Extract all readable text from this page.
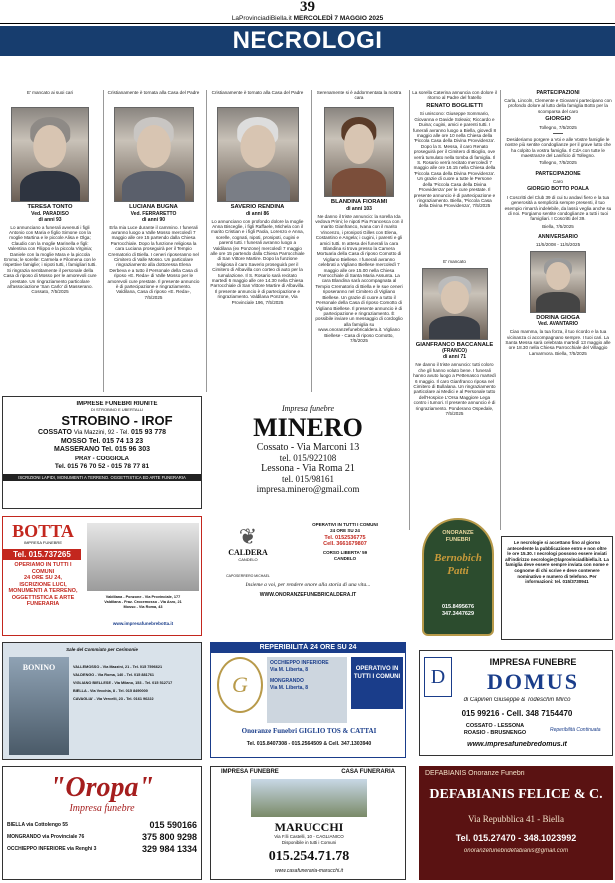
39
LaProvinciadiBiella.it MERCOLEDÌ 7 MAGGIO 2025
NECROLOGI
E' mancato ai suoi cari
TERESA TONTO
Ved. PARADISO
di anni 93
Lo annunciano a funerali avvenuti i figli Antonio con Maria e figlio Simone con la moglie Martina e le piccole Alisa e Olga; Claudio con la moglie Marinella e figli: Valentina con Filippo e la piccola Virginia; Daniele con la moglie Mara e la piccola Emma; le sorelle: Carmela e Filomena con le rispettive famiglie; i nipoti tutti, i famigliari tutti. Si ringrazia sentitamente il personale della Casa di riposo di Mosso per le amorevoli cure prestate. Un ringraziamento particolare all'associazione 'San Carlo' di Masserano. Cossato, 7/5/2025
Cristianamente è tornata alla Casa del Padre
LUCIANA BUGNA
Ved. FERRARETTO
di anni 90
Erla mia Luce durante il cammino. I funerali avranno luogo a Valle Mosso mercoledì 7 maggio alle ore 15 partendo dalla Chiesa Parrocchiale. Dopo la funzione religiosa la cara Luciana proseguirà per il Tempio Crematorio di Biella. I ceneri riposeranno nel Cimitero di Valle Mosso. Un particolare ringraziamento alla dottoressa Elena Derbeva e a tutto il Personale della Casa di riposo «E. Reda» di Valle Mosso per le amorevoli cure prestate. Il presente annuncio è di partecipazione e ringraziamento. Valdilana, Casa di riposo «E. Reda», 7/5/2025
Cristianamente è tornato alla Casa del Padre
SAVERIO RENDINA
di anni 86
Lo annunciano con profondo dolore la moglie Anna Bisceglie, i figli Raffaele, Michela con il marito Cristian e i figli Paola, Lorenzo e Anna, sorelle, cognati, nipoti, pronipoti, cugini e parenti tutti. I funerali avranno luogo a Valdilana (ex Ponzone) mercoledì 7 maggio alle ore 15 partendo dalla Chiesa Parrocchiale di San Vittore Martire. Dopo la funzione religiosa il caro Saverio proseguirà per il Cimitero di Albavilla con corteo di auto per la tumulazione. Il S. Rosario sarà recitato martedì 6 maggio alle ore 14.30 nella Chiesa Parrocchiale di San Vittore Martire di Albavilla. Il presente annuncio è di partecipazione e ringraziamento. Valdilana Ponzone, Via Provinciale 196, 7/5/2025
Serenamente si è addormentata la nostra cara
BLANDINA FIORAMI
di anni 103
Ne danno il triste annuncio: la sorella Ida vedova Primi; le nipoti Pia Francesca con il marito Gianfranco, Ivana con il marito Vincenzo, i pronipoti Gilles con Elena, Costantino e Angela; i cugini, i parenti e gli amici tutti. In attesa dei funerali la cara Blandina si trova presso la Camera Mortuaria della Casa di riposo Comotto di Vigliano Biellese. I funerali avranno celebrati a Vigliano Biellese mercoledì 7 maggio alle ore 15.00 nella Chiesa Parrocchiale di Santa Maria Assunta. La cara Blandina sarà accompagnata al Tempio Crematorio di Biella e le sue ceneri riposeranno nel Cimitero di Vigliano Biellese. Un grazie di cuore a tutto il Personale della Casa di riposo Comotto di Vigliano Biellese. Il presente annuncio è di partecipazione e ringraziamento. È possibile inviare un messaggio di cordoglio alla famiglia su www.onoranzefunebricaldera.it. Vigliano Biellese - Casa di riposo Comotto, 7/5/2025
La sorella Caterina annuncia con dolore il ritorno al Padre del fratello
RENATO BOGLIETTI
Si uniscono: Giuseppe Sommario, Giovanna e Davide Soleaio; Riccardo e Duina; cugini, amici e parenti tutti. I funerali avranno luogo a Biella, giovedì 8 maggio alle ore 10 nella Chiesa della 'Piccola Casa della Divina Provvidenza'. Dopo la S. Messa, il caro Renato proseguirà per il Cimitero di Bioglio, ove verrà tumulato nella tomba di famiglia. Il S. Rosario verrà recitato mercoledì 7 maggio alle ore 16.15 nella Chiesa della 'Piccola Casa della Divina Provvidenza'. Un grazie di cuore a tutte le Persone della 'Piccola Casa della Divina Provvidenza' per le cure prestate. Il presente annuncio è di partecipazione e ringraziamento. Biella, 'Piccola Casa della Divina Provvidenza', 7/5/2025
E' mancato
GIANFRANCO BACCANALE
(FRANCO)
di anni 71
Ne danno il triste annuncio: tutti coloro che gli hanno voluto bene. I funerali hanno avuto luogo a Pettenasco martedì 6 maggio. Il caro Gianfranco riposa nel Cimitero di Bullalana. Un ringraziamento particolare ai Medici e al Personale tutto dell'Hospice L'Orsa Maggiore Lega contro i tumori. Il presente annuncio è di ringraziamento. Ponderano Ospedale, 7/5/2025
PARTECIPAZIONI
Carla, Lincoln, Clemente e Giovanni partecipano con profondo dolore al lutto della famiglia Botto per la scomparsa del caro
GIORGIO
Tollegno, 7/5/2025
Desideriamo porgere a Voi e alle Vostre famiglie le nostre più sentite condoglianze per il grave lutto che ha colpito la vostra famiglia. Il CdA con tutte le maestranze del Lanificio di Tollegno.
Tollegno, 7/5/2025
PARTECIPAZIONE
Caro
GIORGIO BOTTO POALA
I Coscritti del Club 39 di cui tu andavi fiero e la tua generosità a semplicità sempre presenti, il tuo esempio rimarrà indelebile, da lassù veglia anche su di noi. Porgiamo sentite condoglianze a tutti i tuoi famigliari. I Coscritti del 39.
Biella, 7/5/2025
ANNIVERSARIO
11/5/2008 - 11/5/2025
DORINA GIOGA
Ved. AVANTARIO
Ciao mamma, la tua forza, il tuo ricordo e la tua vicinanza ci accompagnano sempre. I tuoi cari. La Santa Messa sarà celebrata martedì 13 maggio alle ore 18.30 nella Chiesa Parrocchiale del Villaggio Lamarmora. Biella, 7/5/2025
IMPRESE FUNEBRI RIUNITE
DI STROBINO E UBERTALLI
STROBINO - IROF
COSSATO Via Mazzini, 92 - Tel. 015 93 778
MOSSO Tel. 015 74 13 23
MASSERANO Tel. 015 96 303
PRAY - COGGIOLA
Tel. 015 76 70 52 - 015 78 77 81
ISCRIZIONI LAPIDI, MONUMENTI A TERRENO. OGGETTISTICA ED ARTE FUNERARIA
Impresa funebre
MINERO
Cossato - Via Marconi 13
tel. 015/922108
Lessona - Via Roma 21
tel. 015/98161
impresa.minero@gmail.com
BOTTA
IMPRESA FUNEBRE
Tel. 015.737265
OPERIAMO IN TUTTI I COMUNI
24 ORE SU 24,
ISCRIZIONE LUCI, MONUMENTI A TERRENO, OGGETTISTICA E ARTE FUNERARIA
Valdilana - Ponzone - Via Provinciale, 177
Valdilana - Fraz. Crocemosso - Via Arzo, 21
Mosso - Via Roma, 43
www.impresafunebrebotta.it
❦
CALDERA
CANDELO
OPERATIVI IN TUTTI I COMUNI
24 ORE SU 24
Tel. 0152536775
Cell. 3661679807
CORSO LIBERTA' 59
CANDELO
CAPOSERRERO MICHAEL
Insieme a voi, per rendere onore alla storia di una vita...
WWW.ONORANZEFUNEBRICALDERA.IT
ONORANZE
FUNEBRI
Bernobich Patti
015.8495676
347.3447629
Le necrologie si accettano fino al giorno antecedente la pubblicazione entro e non oltre le ore 15.30. I necrologi possono essere inviati all'indirizzo necrologie@laprovinciadibiella.it. La famiglia deve essere sempre inviata con nome e cognome di chi scrive e deve contenere nominativo e numero di telefono. Per informazioni: tel. 015/3730941
Sale del Commiato per Cerimonie
BONINO	VALLEMOSSO - Via Mazzini, 21 - Tel. 015 7596621
VALDENGO - Via Roma, 140 - Tel. 015 881761
VIGLIANO BIELLESE - Via Milano, 153 - Tel. 015 512717
BIELLA - Via Vecchia, 8 - Tel. 015 8490000
CAVAGLIA' - Via Vercelli, 23 - Tel. 0161 96222
REPERIBILITÀ 24 ORE SU 24
G
OCCHIEPPO INFERIORE
Via M. Liberta, 8
MONGRANDO
Via M. Liberta, 8
OPERATIVO IN TUTTI I COMUNI
Onoranze Funebri GIGLIO TOS & CATTAI
Tel. 015.8407308 - 015.2564509 & Cell. 347.1303940
D
IMPRESA FUNEBRE
DOMUS
di Capineri Giuseppe & Todeschin Mirco
015 99216 - Cell. 348 7154470
COSSATO - LESSONA
ROASIO - BRUSNENGO	Reperibilità Continuata
www.impresafunebredomus.it
"Oropa"
Impresa funebre
BIELLA via Cottolengo 55
MONGRANDO via Provinciale 76
OCCHIEPPO INFERIORE via Renghi 3
015 590166
375 800 9298
329 984 1334
IMPRESA FUNEBRE	CASA FUNERARIA
MARUCCHI
Via F.lli Castelli, 10 - CAGLIANICO
Disponibile in tutti i Comuni
015.254.71.78
www.casafuneraria-marucchi.it
DEFABIANIS Onoranze Funebri
DEFABIANIS FELICE & C.
Via Repubblica 41 - Biella
Tel. 015.27470 - 348.1023992
onoranzefunebridefabianis@gmail.com
